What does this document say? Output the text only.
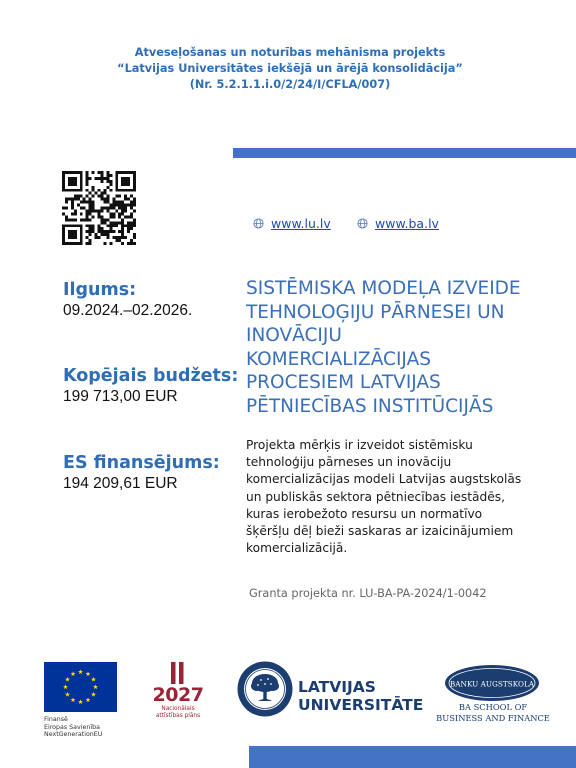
Atveseļošanas un noturības mehānisma projekts
“Latvijas Universitātes iekšējā un ārējā konsolidācija”
(Nr. 5.2.1.1.i.0/2/24/I/CFLA/007)
www.lu.lv	www.ba.lv
Ilgums:
09.2024.–02.2026.
Kopējais budžets:
199 713,00 EUR
ES finansējums:
194 209,61 EUR
SISTĒMISKA MODEĻA IZVEIDE
TEHNOLOĢIJU PĀRNESEI UN
INOVĀCIJU
KOMERCIALIZĀCIJAS
PROCESIEM LATVIJAS
PĒTNIECĪBAS INSTITŪCIJĀS
Projekta mērķis ir izveidot sistēmisku
tehnoloģiju pārneses un inovāciju
komercializācijas modeli Latvijas augstskolās
un publiskās sektora pētniecības iestādēs,
kuras ierobežoto resursu un normatīvo
šķēršļu dēļ bieži saskaras ar izaicinājumiem
komercializācijā.
Granta projekta nr. LU-BA-PA-2024/1-0042
Finansē
Eiropas Savienība
NextGenerationEU
2027
Nacionālais
attīstības plāns
LATVIJAS
UNIVERSITĀTE
BANKU AUGSTSKOLA
BA SCHOOL OF
BUSINESS AND FINANCE
